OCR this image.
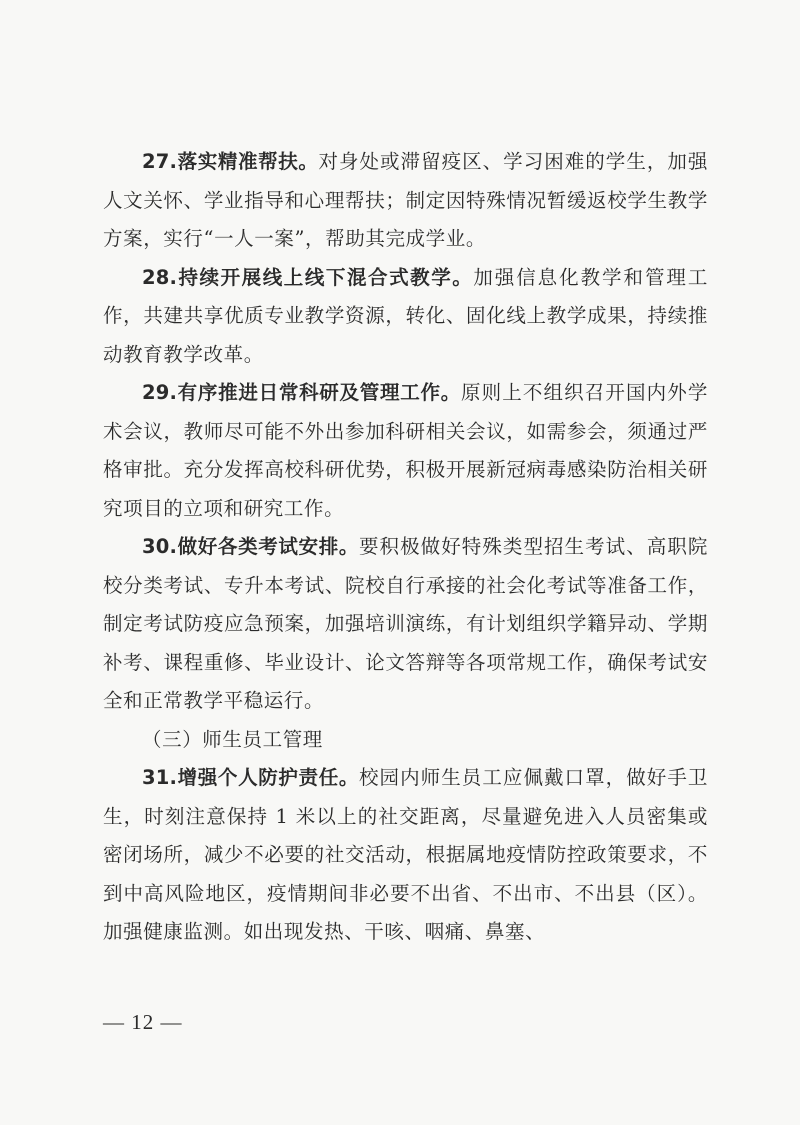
27.落实精准帮扶。对身处或滞留疫区、学习困难的学生，加强人文关怀、学业指导和心理帮扶；制定因特殊情况暂缓返校学生教学方案，实行“一人一案”，帮助其完成学业。

28.持续开展线上线下混合式教学。加强信息化教学和管理工作，共建共享优质专业教学资源，转化、固化线上教学成果，持续推动教育教学改革。

29.有序推进日常科研及管理工作。原则上不组织召开国内外学术会议，教师尽可能不外出参加科研相关会议，如需参会，须通过严格审批。充分发挥高校科研优势，积极开展新冠病毒感染防治相关研究项目的立项和研究工作。

30.做好各类考试安排。要积极做好特殊类型招生考试、高职院校分类考试、专升本考试、院校自行承接的社会化考试等准备工作，制定考试防疫应急预案，加强培训演练，有计划组织学籍异动、学期补考、课程重修、毕业设计、论文答辩等各项常规工作，确保考试安全和正常教学平稳运行。

（三）师生员工管理

31.增强个人防护责任。校园内师生员工应佩戴口罩，做好手卫生，时刻注意保持 1 米以上的社交距离，尽量避免进入人员密集或密闭场所，减少不必要的社交活动，根据属地疫情防控政策要求，不到中高风险地区，疫情期间非必要不出省、不出市、不出县（区）。加强健康监测。如出现发热、干咳、咽痛、鼻塞、

— 12 —
